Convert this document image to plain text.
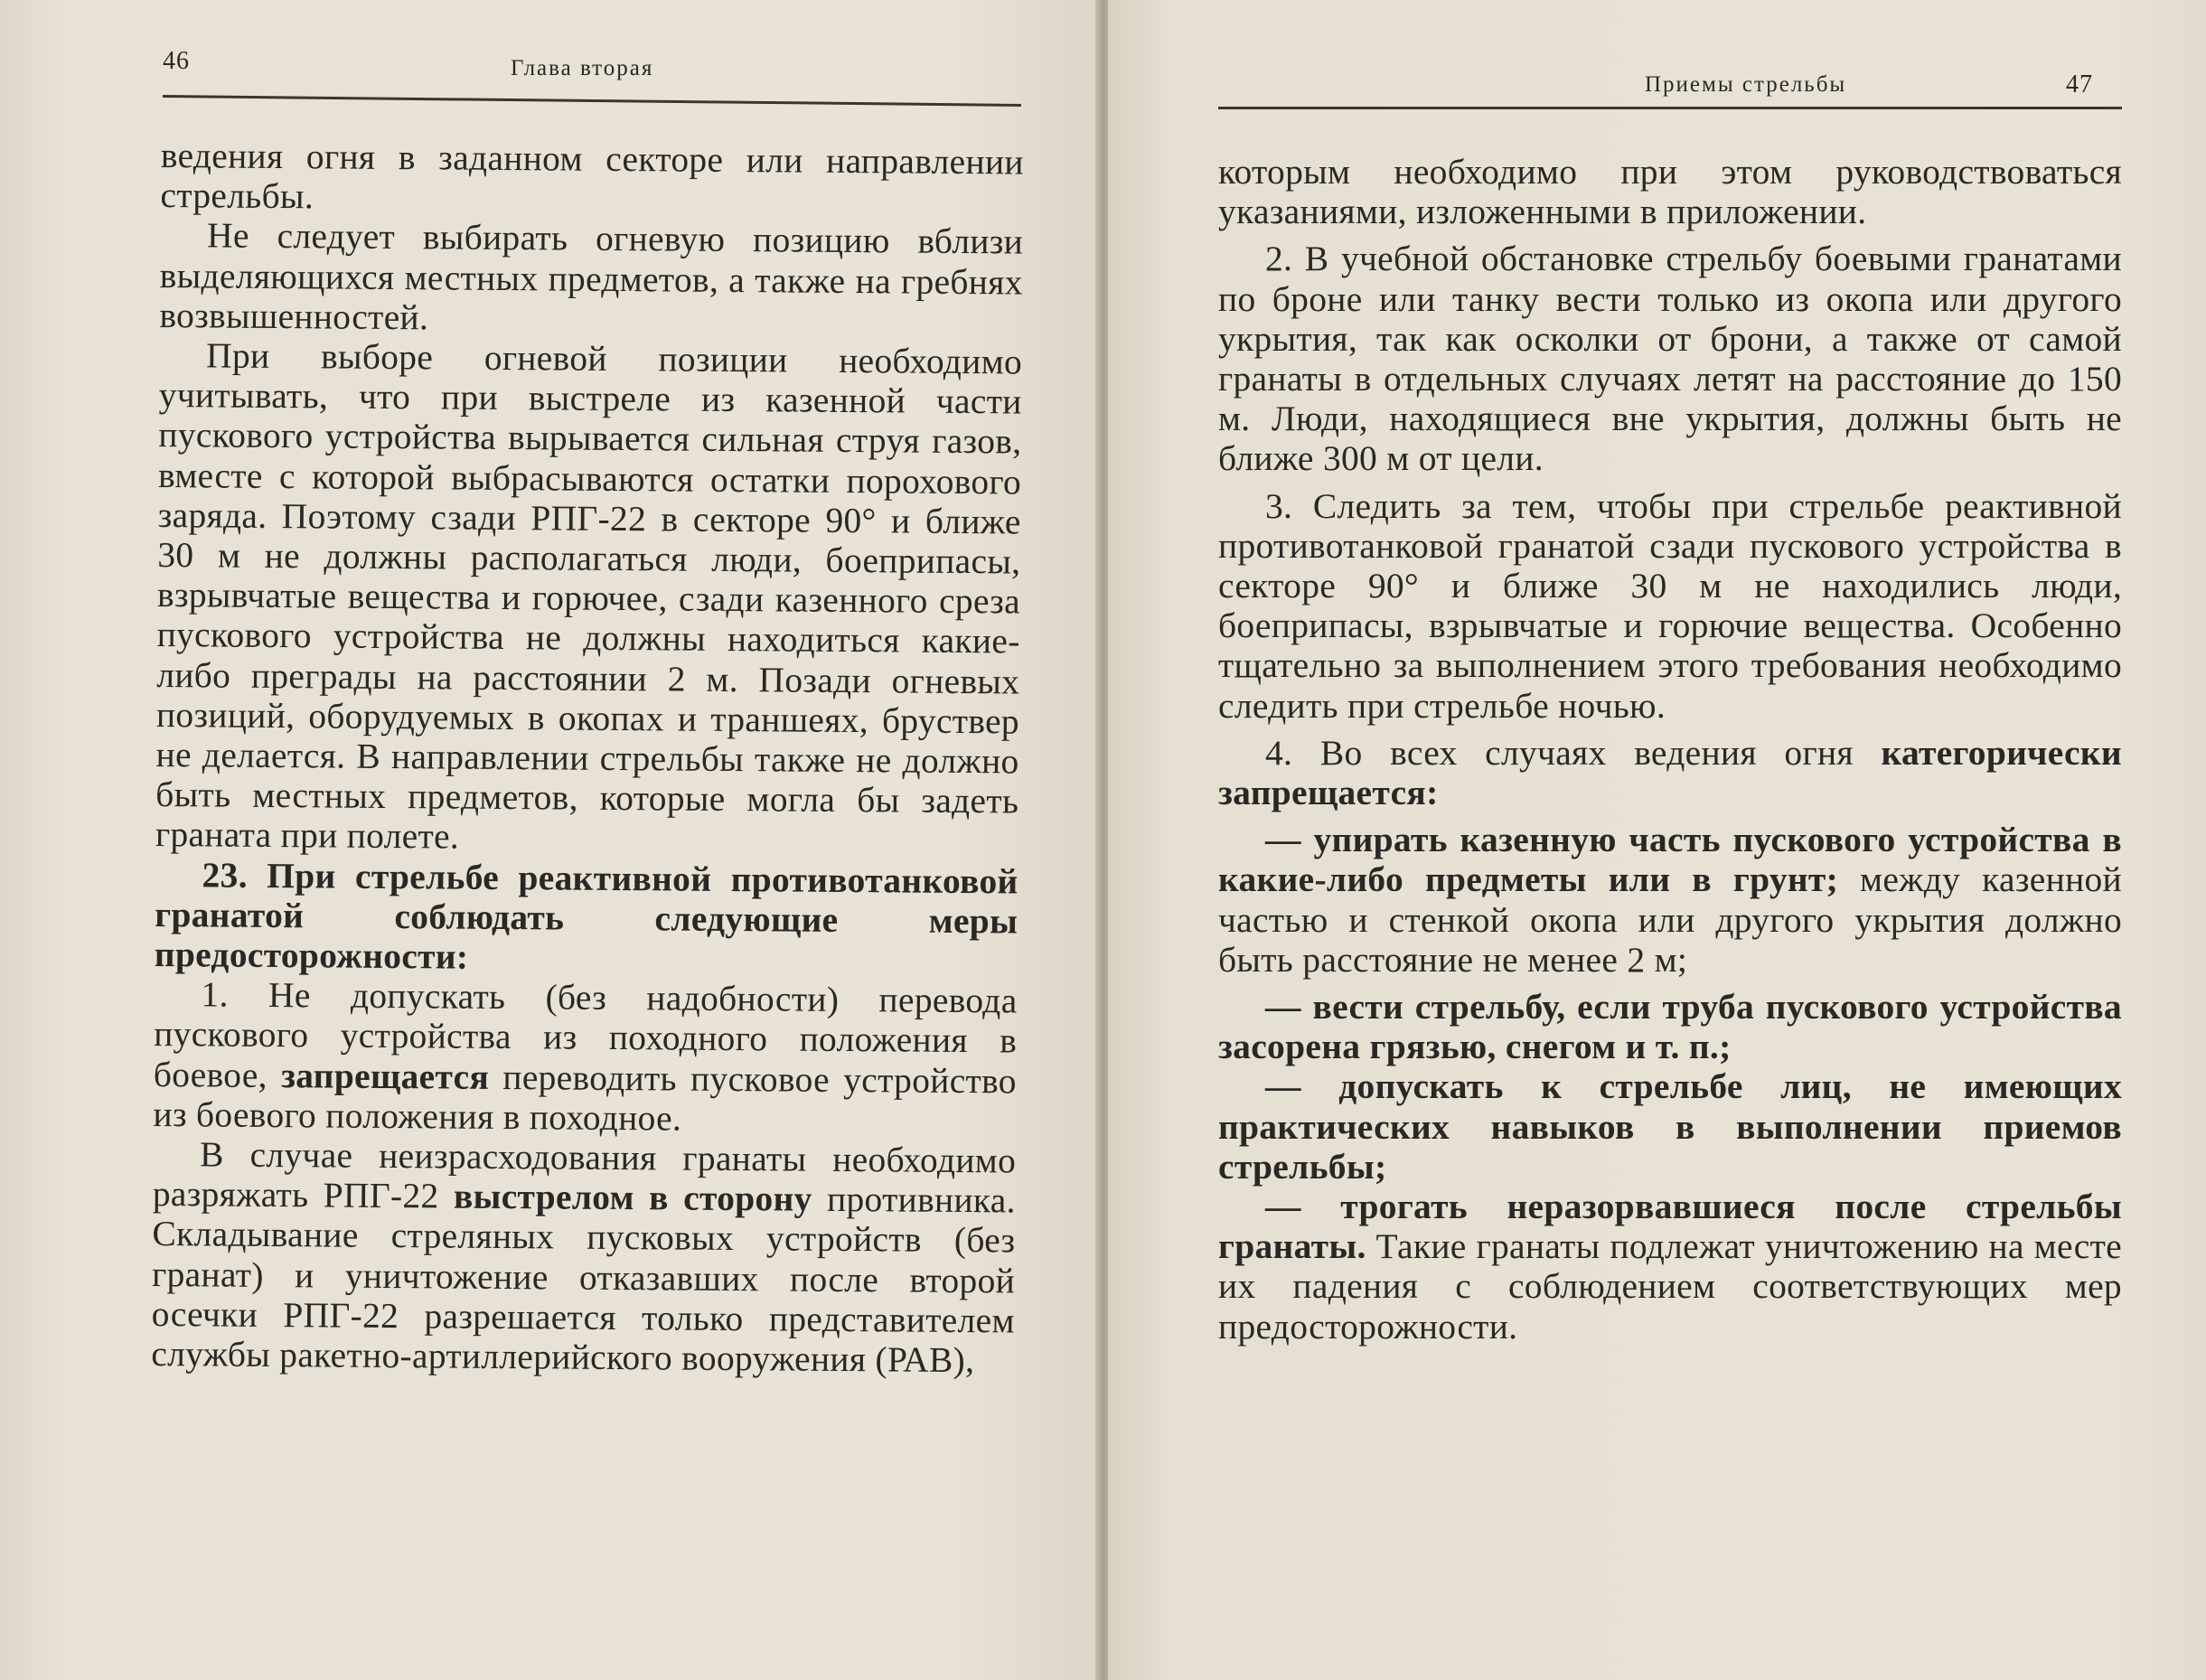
46	Глава вторая

ведения огня в заданном секторе или направлении стрельбы.

Не следует выбирать огневую позицию вблизи выделяющихся местных предметов, а также на гребнях возвышенностей.

При выборе огневой позиции необходимо учитывать, что при выстреле из казенной части пускового устройства вырывается сильная струя газов, вместе с которой выбрасываются остатки порохового заряда. Поэтому сзади РПГ-22 в секторе 90° и ближе 30 м не должны располагаться люди, боеприпасы, взрывчатые вещества и горючее, сзади казенного среза пускового устройства не должны находиться какие-либо преграды на расстоянии 2 м. Позади огневых позиций, оборудуемых в окопах и траншеях, бруствер не делается. В направлении стрельбы также не должно быть местных предметов, которые могла бы задеть граната при полете.

23. При стрельбе реактивной противотанковой гранатой соблюдать следующие меры предосторожности:

1. Не допускать (без надобности) перевода пускового устройства из походного положения в боевое, запрещается переводить пусковое устройство из боевого положения в походное.

В случае неизрасходования гранаты необходимо разряжать РПГ-22 выстрелом в сторону противника. Складывание стреляных пусковых устройств (без гранат) и уничтожение отказавших после второй осечки РПГ-22 разрешается только представителем службы ракетно-артиллерийского вооружения (РАВ),

Приемы стрельбы	47

которым необходимо при этом руководствоваться указаниями, изложенными в приложении.

2. В учебной обстановке стрельбу боевыми гранатами по броне или танку вести только из окопа или другого укрытия, так как осколки от брони, а также от самой гранаты в отдельных случаях летят на расстояние до 150 м. Люди, находящиеся вне укрытия, должны быть не ближе 300 м от цели.

3. Следить за тем, чтобы при стрельбе реактивной противотанковой гранатой сзади пускового устройства в секторе 90° и ближе 30 м не находились люди, боеприпасы, взрывчатые и горючие вещества. Особенно тщательно за выполнением этого требования необходимо следить при стрельбе ночью.

4. Во всех случаях ведения огня категорически запрещается:

— упирать казенную часть пускового устройства в какие-либо предметы или в грунт; между казенной частью и стенкой окопа или другого укрытия должно быть расстояние не менее 2 м;

— вести стрельбу, если труба пускового устройства засорена грязью, снегом и т. п.;

— допускать к стрельбе лиц, не имеющих практических навыков в выполнении приемов стрельбы;

— трогать неразорвавшиеся после стрельбы гранаты. Такие гранаты подлежат уничтожению на месте их падения с соблюдением соответствующих мер предосторожности.
